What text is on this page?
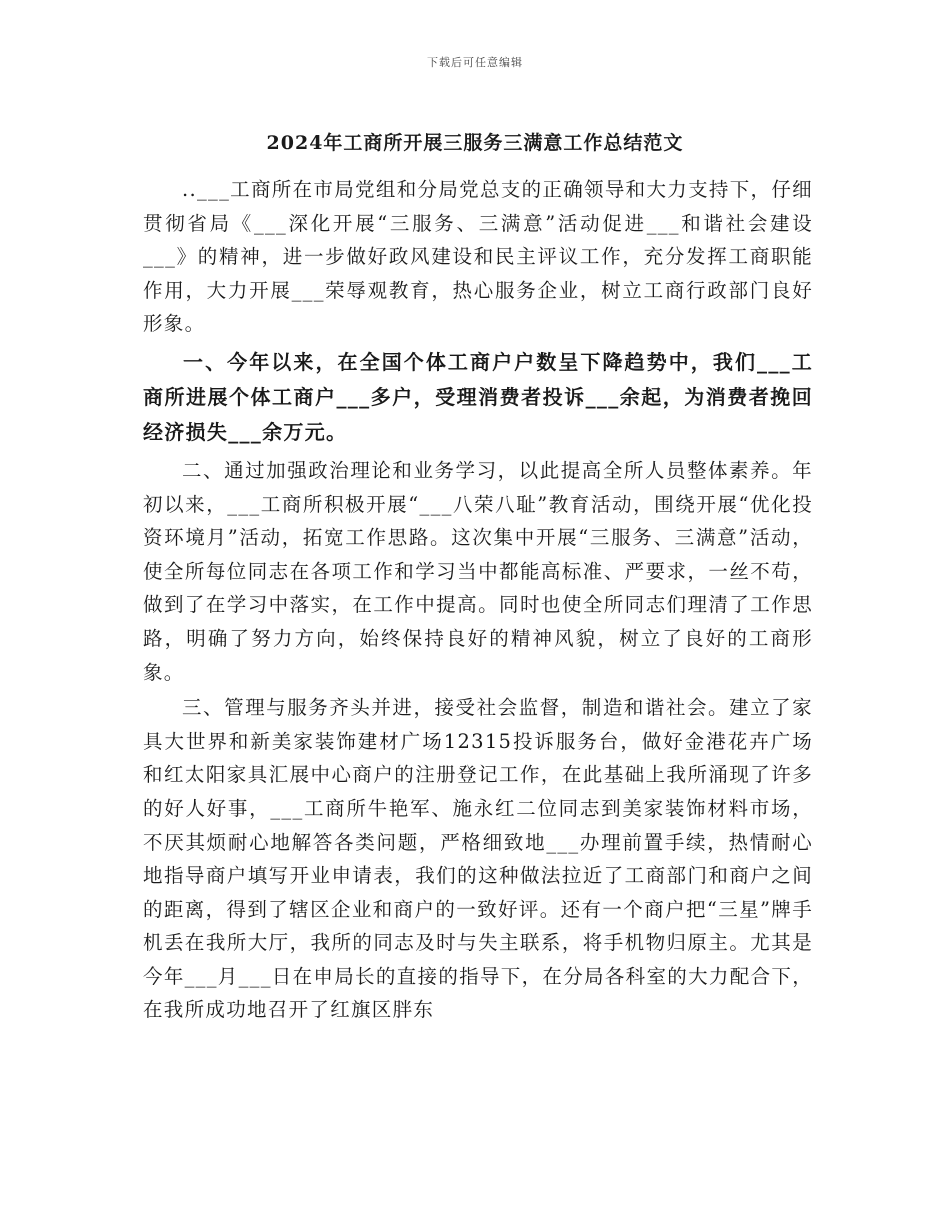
下载后可任意编辑
2024年工商所开展三服务三满意工作总结范文

..___工商所在市局党组和分局党总支的正确领导和大力支持下，仔细贯彻省局《___深化开展“三服务、三满意”活动促进___和谐社会建设___》的精神，进一步做好政风建设和民主评议工作，充分发挥工商职能作用，大力开展___荣辱观教育，热心服务企业，树立工商行政部门良好形象。

一、今年以来，在全国个体工商户户数呈下降趋势中，我们___工商所进展个体工商户___多户，受理消费者投诉___余起，为消费者挽回经济损失___余万元。

二、通过加强政治理论和业务学习，以此提高全所人员整体素养。年初以来，___工商所积极开展“___八荣八耻”教育活动，围绕开展“优化投资环境月”活动，拓宽工作思路。这次集中开展“三服务、三满意”活动，使全所每位同志在各项工作和学习当中都能高标准、严要求，一丝不苟，做到了在学习中落实，在工作中提高。同时也使全所同志们理清了工作思路，明确了努力方向，始终保持良好的精神风貌，树立了良好的工商形象。

三、管理与服务齐头并进，接受社会监督，制造和谐社会。建立了家具大世界和新美家装饰建材广场12315投诉服务台，做好金港花卉广场和红太阳家具汇展中心商户的注册登记工作，在此基础上我所涌现了许多的好人好事，___工商所牛艳军、施永红二位同志到美家装饰材料市场，不厌其烦耐心地解答各类问题，严格细致地___办理前置手续，热情耐心地指导商户填写开业申请表，我们的这种做法拉近了工商部门和商户之间的距离，得到了辖区企业和商户的一致好评。还有一个商户把“三星”牌手机丢在我所大厅，我所的同志及时与失主联系，将手机物归原主。尤其是今年___月___日在申局长的直接的指导下，在分局各科室的大力配合下，在我所成功地召开了红旗区胖东
